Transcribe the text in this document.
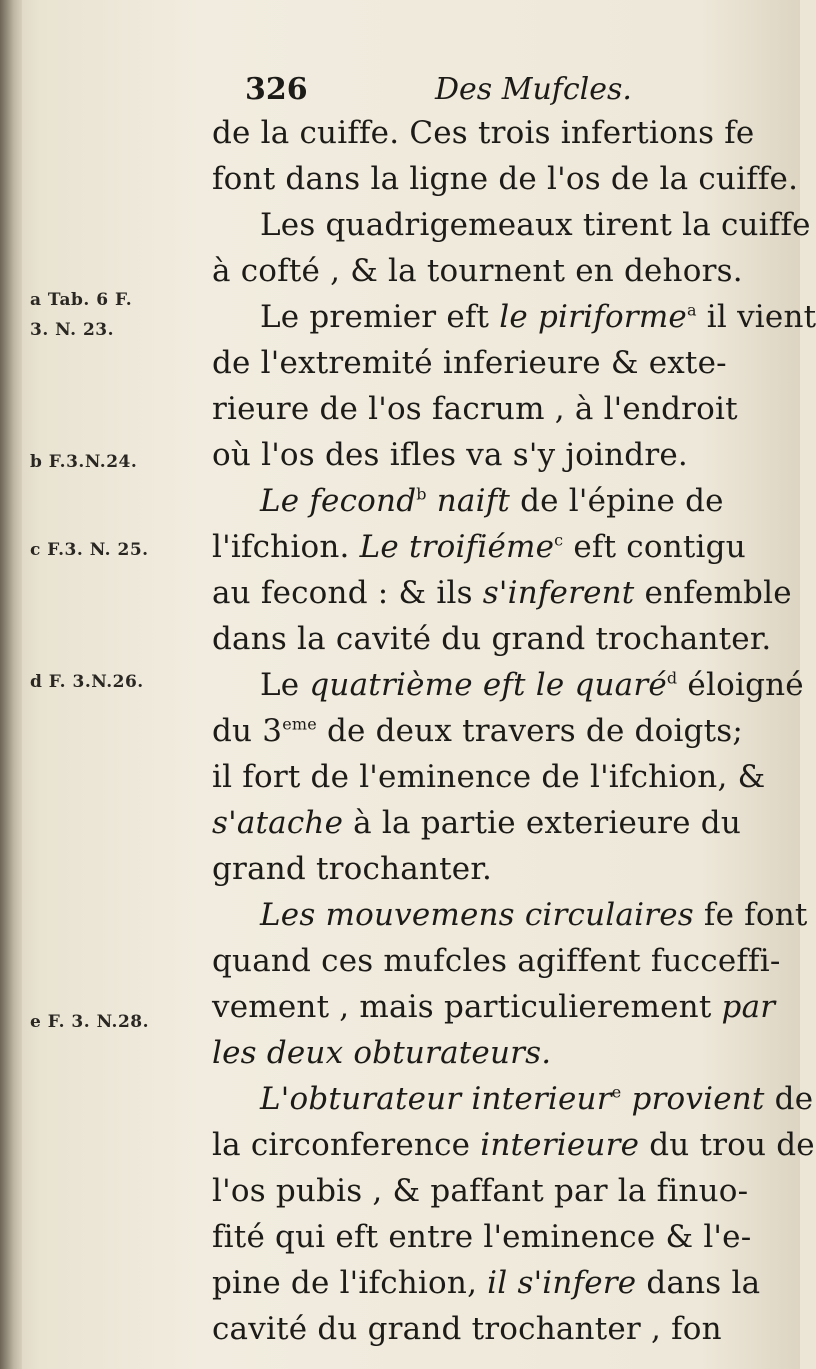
326	Des Mufcles.
a Tab. 6 F.
3. N. 23.
b F.3.N.24.
c F.3. N. 25.
d F. 3.N.26.
e F. 3. N.28.
de la cuiffe. Ces trois infertions fe
font dans la ligne de l'os de la cuiffe.
Les quadrigemeaux tirent la cuiffe
à cofté , & la tournent en dehors.
Le premier eft le piriforme$^a$ il vient
de l'extremité inferieure & exte-
rieure de l'os facrum , à l'endroit
où l'os des ifles va s'y joindre.
Le fecond$^b$ naift de l'épine de
l'ifchion. Le troifiéme$^c$ eft contigu
au fecond : & ils s'inferent enfemble
dans la cavité du grand trochanter.
Le quatrième eft le quaré$^d$ éloigné
du 3eme de deux travers de doigts;
il fort de l'eminence de l'ifchion, &
s'atache à la partie exterieure du
grand trochanter.
Les mouvemens circulaires fe font
quand ces mufcles agiffent fucceffi-
vement , mais particulierement par
les deux obturateurs.
L'obturateur interieur$^e$ provient de
la circonference interieure du trou de
l'os pubis , & paffant par la finuo-
fité qui eft entre l'eminence & l'e-
pine de l'ifchion, il s'infere dans la
cavité du grand trochanter , fon
